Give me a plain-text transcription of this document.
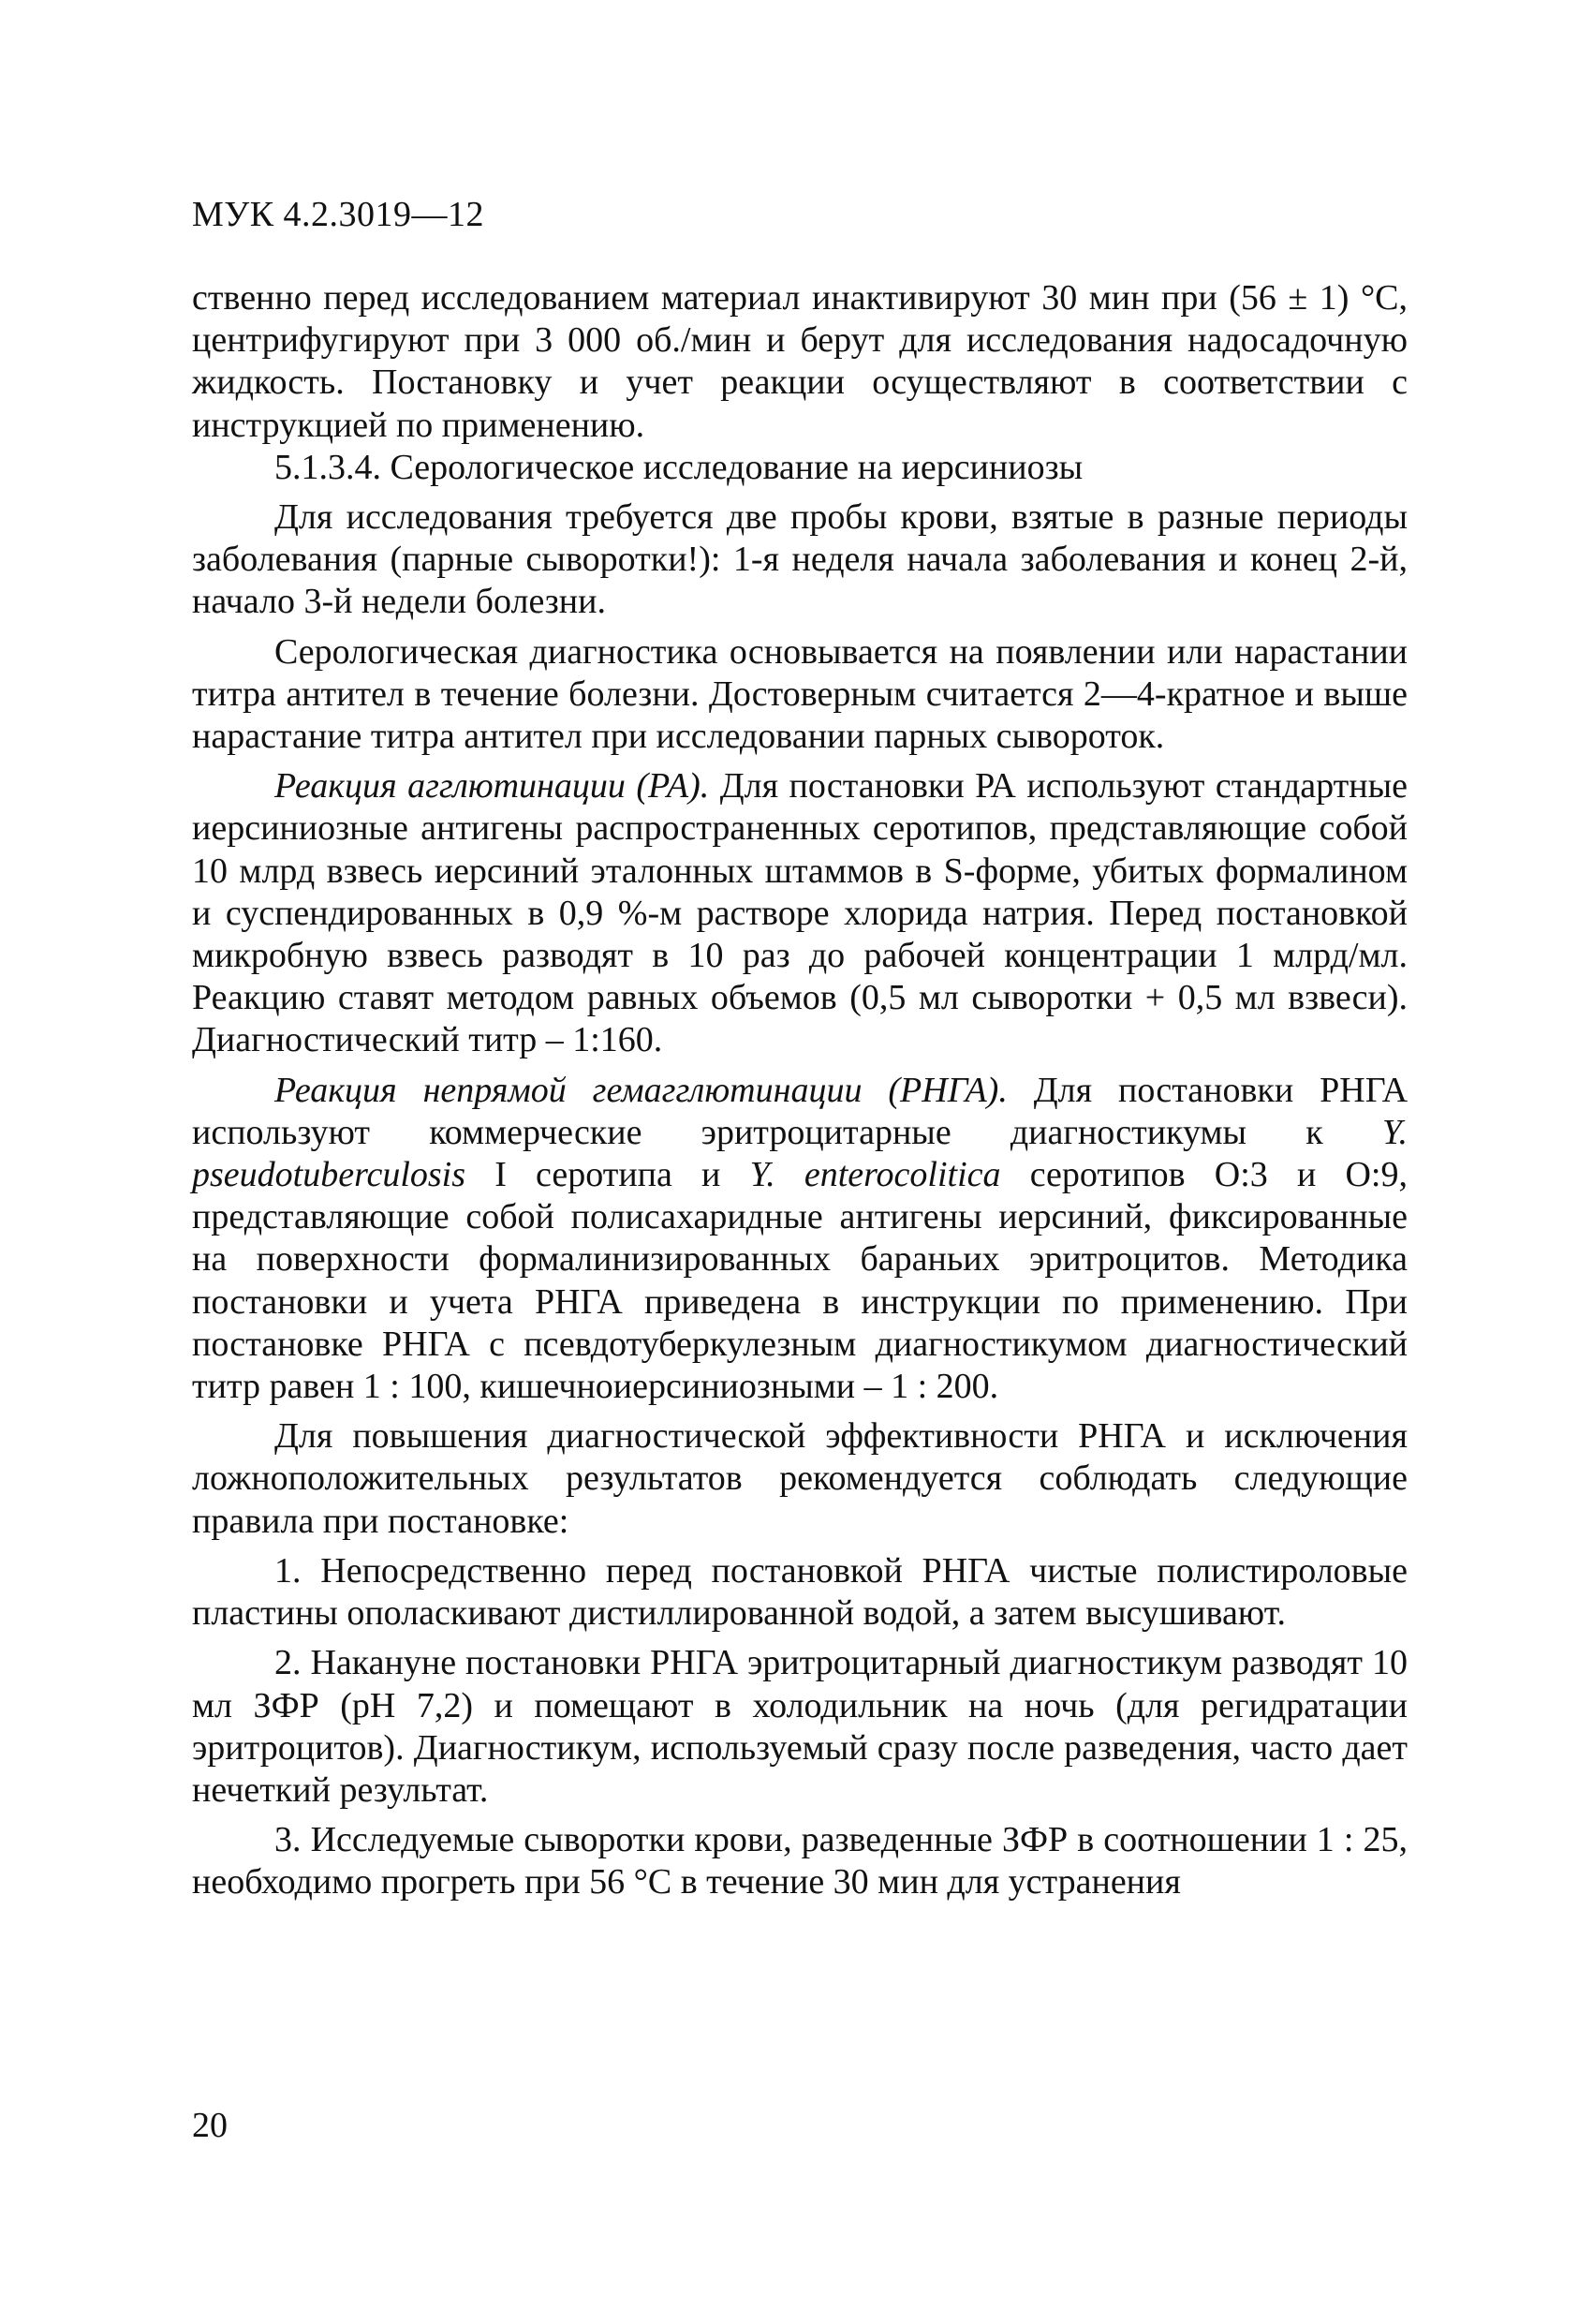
МУК 4.2.3019—12

ственно перед исследованием материал инактивируют 30 мин при (56 ± 1) °С, центрифугируют при 3 000 об./мин и берут для исследования надосадочную жидкость. Постановку и учет реакции осуществляют в соответствии с инструкцией по применению.

5.1.3.4. Серологическое исследование на иерсиниозы

Для исследования требуется две пробы крови, взятые в разные периоды заболевания (парные сыворотки!): 1-я неделя начала заболевания и конец 2-й, начало 3-й недели болезни.

Серологическая диагностика основывается на появлении или нарастании титра антител в течение болезни. Достоверным считается 2—4-кратное и выше нарастание титра антител при исследовании парных сывороток.

Реакция агглютинации (РА). Для постановки РА используют стандартные иерсиниозные антигены распространенных серотипов, представляющие собой 10 млрд взвесь иерсиний эталонных штаммов в S-форме, убитых формалином и суспендированных в 0,9 %-м растворе хлорида натрия. Перед постановкой микробную взвесь разводят в 10 раз до рабочей концентрации 1 млрд/мл. Реакцию ставят методом равных объемов (0,5 мл сыворотки + 0,5 мл взвеси). Диагностический титр – 1:160.

Реакция непрямой гемагглютинации (РНГА). Для постановки РНГА используют коммерческие эритроцитарные диагностикумы к Y. pseudotuberculosis I серотипа и Y. enterocolitica серотипов О:3 и О:9, представляющие собой полисахаридные антигены иерсиний, фиксированные на поверхности формалинизированных бараньих эритроцитов. Методика постановки и учета РНГА приведена в инструкции по применению. При постановке РНГА с псевдотуберкулезным диагностикумом диагностический титр равен 1 : 100, кишечноиерсиниозными – 1 : 200.

Для повышения диагностической эффективности РНГА и исключения ложноположительных результатов рекомендуется соблюдать следующие правила при постановке:

1. Непосредственно перед постановкой РНГА чистые полистироловые пластины ополаскивают дистиллированной водой, а затем высушивают.

2. Накануне постановки РНГА эритроцитарный диагностикум разводят 10 мл ЗФР (рН 7,2) и помещают в холодильник на ночь (для регидратации эритроцитов). Диагностикум, используемый сразу после разведения, часто дает нечеткий результат.

3. Исследуемые сыворотки крови, разведенные ЗФР в соотношении 1 : 25, необходимо прогреть при 56 °С в течение 30 мин для устранения

20
